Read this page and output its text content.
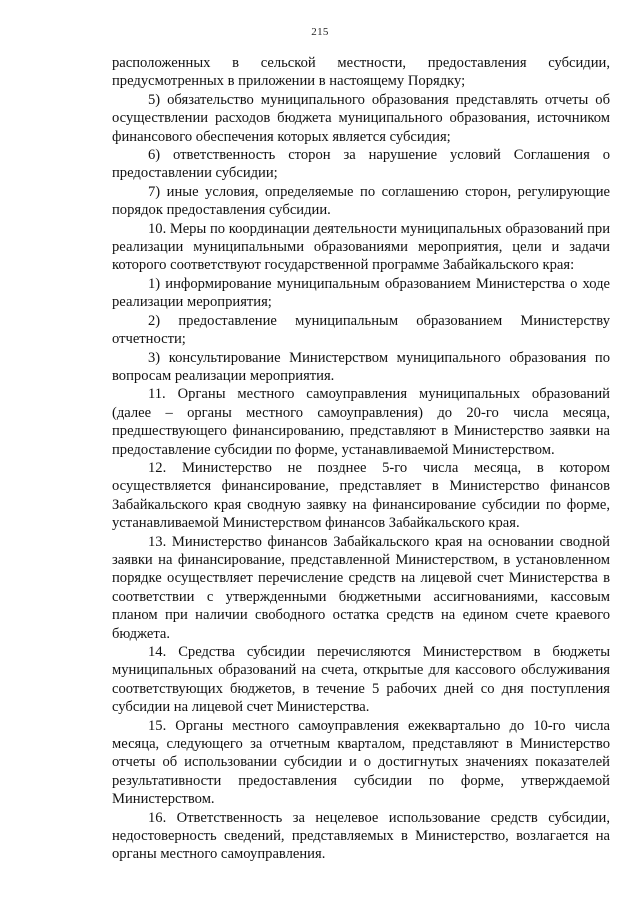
215

расположенных в сельской местности, предоставления субсидии, предусмотренных в приложении в настоящему Порядку;

5) обязательство муниципального образования представлять отчеты об осуществлении расходов бюджета муниципального образования, источником финансового обеспечения которых является субсидия;

6) ответственность сторон за нарушение условий Соглашения о предоставлении субсидии;

7) иные условия, определяемые по соглашению сторон, регулирующие порядок предоставления субсидии.

10. Меры по координации деятельности муниципальных образований при реализации муниципальными образованиями мероприятия, цели и задачи которого соответствуют государственной программе Забайкальского края:

1) информирование муниципальным образованием Министерства о ходе реализации мероприятия;

2) предоставление муниципальным образованием Министерству отчетности;

3) консультирование Министерством муниципального образования по вопросам реализации мероприятия.

11. Органы местного самоуправления муниципальных образований (далее – органы местного самоуправления) до 20-го числа месяца, предшествующего финансированию, представляют в Министерство заявки на предоставление субсидии по форме, устанавливаемой Министерством.

12. Министерство не позднее 5-го числа месяца, в котором осуществляется финансирование, представляет в Министерство финансов Забайкальского края сводную заявку на финансирование субсидии по форме, устанавливаемой Министерством финансов Забайкальского края.

13. Министерство финансов Забайкальского края на основании сводной заявки на финансирование, представленной Министерством, в установленном порядке осуществляет перечисление средств на лицевой счет Министерства в соответствии с утвержденными бюджетными ассигнованиями, кассовым планом при наличии свободного остатка средств на едином счете краевого бюджета.

14. Средства субсидии перечисляются Министерством в бюджеты муниципальных образований на счета, открытые для кассового обслуживания соответствующих бюджетов, в течение 5 рабочих дней со дня поступления субсидии на лицевой счет Министерства.

15. Органы местного самоуправления ежеквартально до 10-го числа месяца, следующего за отчетным кварталом, представляют в Министерство отчеты об использовании субсидии и о достигнутых значениях показателей результативности предоставления субсидии по форме, утверждаемой Министерством.

16. Ответственность за нецелевое использование средств субсидии, недостоверность сведений, представляемых в Министерство, возлагается на органы местного самоуправления.
